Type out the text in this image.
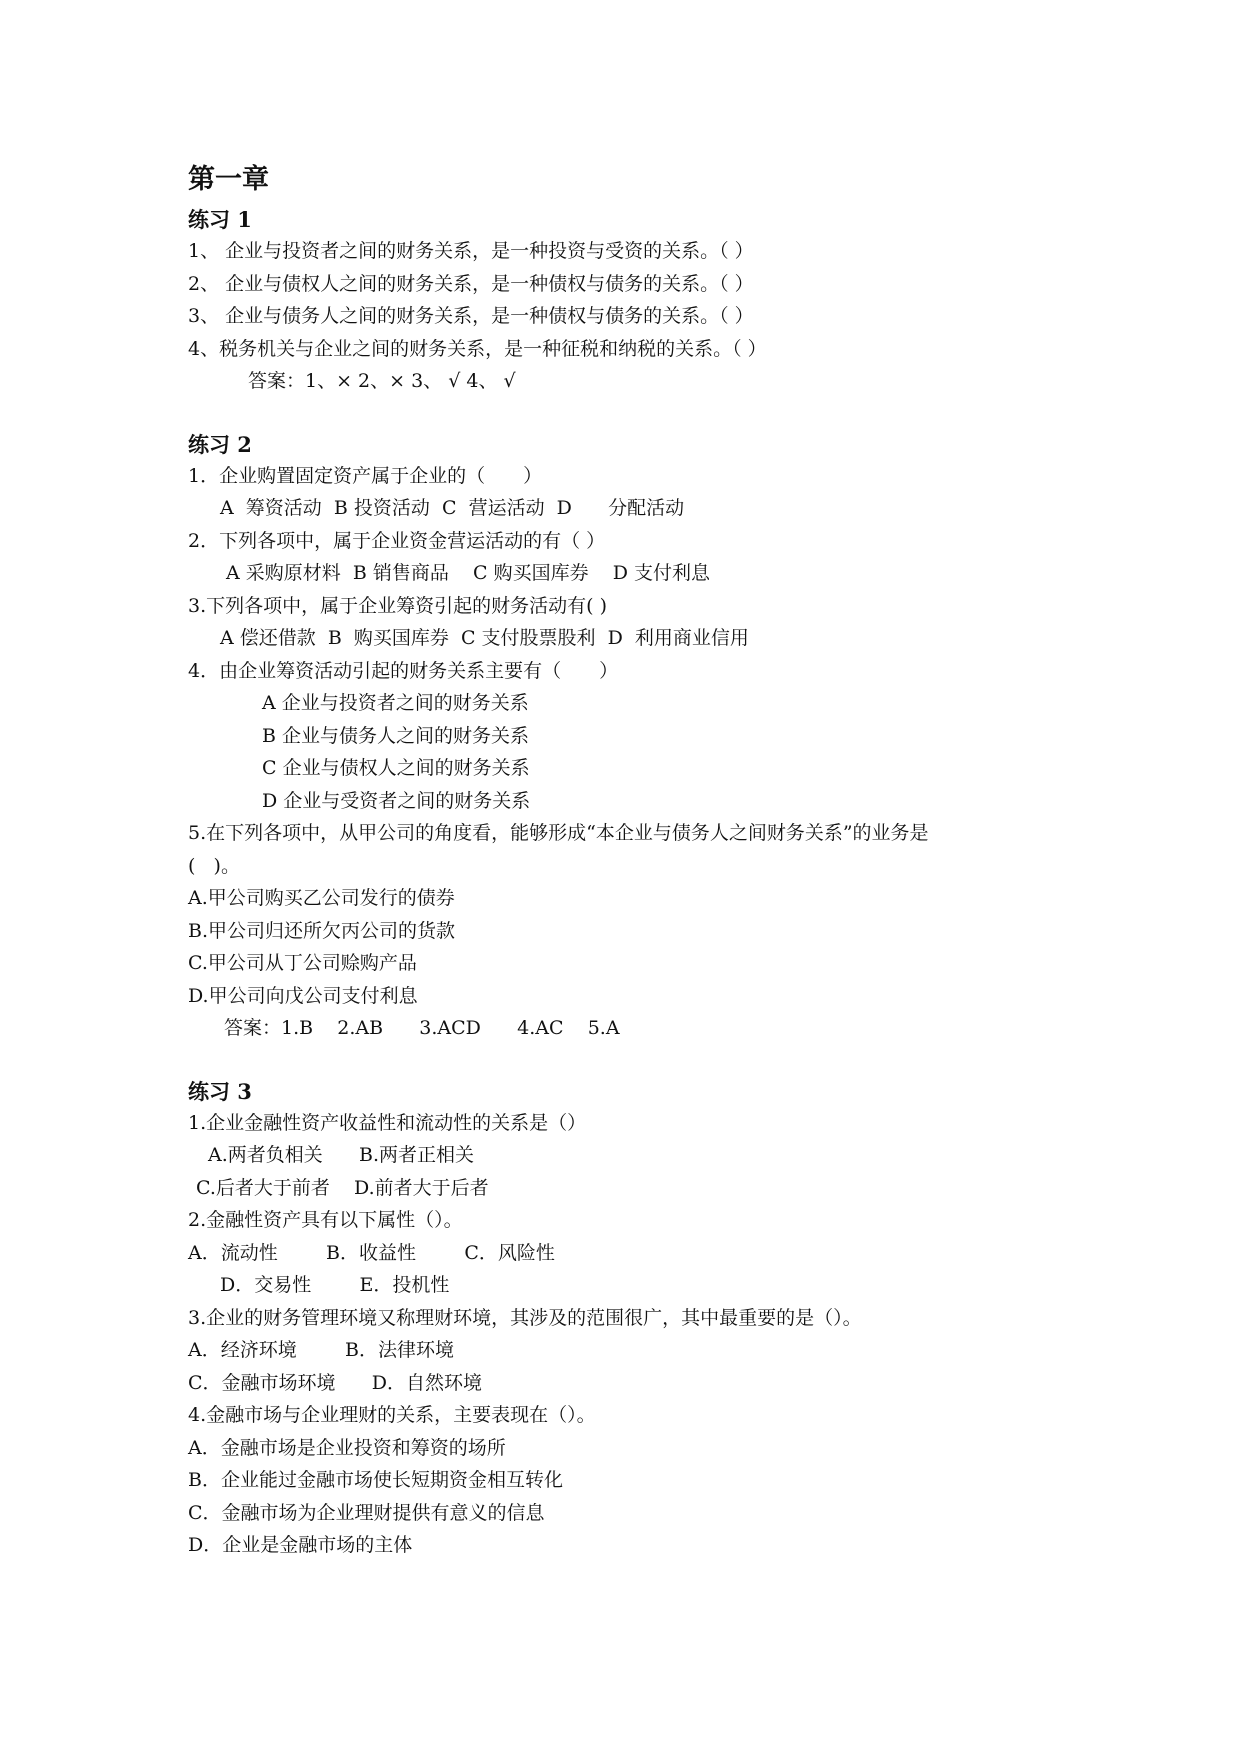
第一章
练习 1
1、 企业与投资者之间的财务关系，是一种投资与受资的关系。（ ）
2、 企业与债权人之间的财务关系，是一种债权与债务的关系。（ ）
3、 企业与债务人之间的财务关系，是一种债权与债务的关系。（ ）
4、税务机关与企业之间的财务关系，是一种征税和纳税的关系。（ ）
答案：1、× 2、× 3、 √ 4、 √
练习 2
1．企业购置固定资产属于企业的（　　）
A  筹资活动  B 投资活动  C  营运活动  D      分配活动
2．下列各项中，属于企业资金营运活动的有（ ）
A 采购原材料  B 销售商品    C 购买国库券    D 支付利息
3.下列各项中，属于企业筹资引起的财务活动有( )
A 偿还借款  B  购买国库券  C 支付股票股利  D  利用商业信用
4．由企业筹资活动引起的财务关系主要有（　　）
A 企业与投资者之间的财务关系
B 企业与债务人之间的财务关系
C 企业与债权人之间的财务关系
D 企业与受资者之间的财务关系
5.在下列各项中，从甲公司的角度看，能够形成“本企业与债务人之间财务关系”的业务是
(   )。
A.甲公司购买乙公司发行的债券
B.甲公司归还所欠丙公司的货款
C.甲公司从丁公司赊购产品
D.甲公司向戊公司支付利息
答案：1.B    2.AB      3.ACD      4.AC    5.A
练习 3
1.企业金融性资产收益性和流动性的关系是（）
A.两者负相关      B.两者正相关
C.后者大于前者    D.前者大于后者
2.金融性资产具有以下属性（）。
A．流动性        B．收益性        C．风险性
D．交易性        E．投机性
3.企业的财务管理环境又称理财环境，其涉及的范围很广，其中最重要的是（）。
A．经济环境        B．法律环境
C．金融市场环境      D．自然环境
4.金融市场与企业理财的关系，主要表现在（）。
A．金融市场是企业投资和筹资的场所
B．企业能过金融市场使长短期资金相互转化
C．金融市场为企业理财提供有意义的信息
D．企业是金融市场的主体
